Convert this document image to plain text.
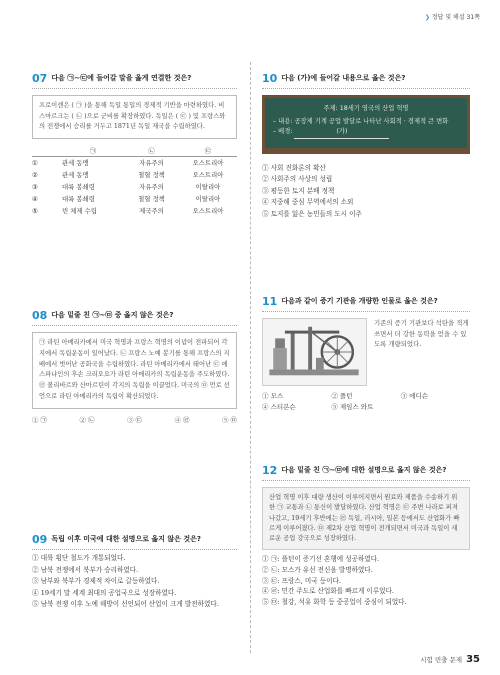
❯ 정답 및 해설 31쪽
07 다음 ㉠~㉢에 들어갈 말을 옳게 연결한 것은?
프로이센은 ( ㉠ )을 통해 독일 통일의 경제적 기반을 마련하였다. 비스마르크는 ( ㉡ )으로 군비를 확장하였다. 독일은 ( ㉢ ) 및 프랑스와의 전쟁에서 승리를 거두고 1871년 독일 제국을 수립하였다.
	㉠	㉡	㉢
①	관세 동맹	자유주의	오스트리아
②	관세 동맹	철혈 정책	오스트리아
③	대륙 봉쇄령	자유주의	이탈리아
④	대륙 봉쇄령	철혈 정책	이탈리아
⑤	빈 체제 수립	제국주의	오스트리아
08 다음 밑줄 친 ㉠~㉤ 중 옳지 않은 것은?
㉠ 라틴 아메리카에서 미국 혁명과 프랑스 혁명의 이념이 전파되어 각지에서 독립운동이 일어났다. ㉡ 프랑스 노예 봉기를 통해 프랑스의 지배에서 벗어난 공화국을 수립하였다. 라틴 아메리카에서 태어난 ㉢ 에스파냐인의 후손 크리오요가 라틴 아메리카의 독립운동을 주도하였다. ㉣ 볼리바르와 산마르틴이 각지의 독립을 이끌었다. 미국의 ㉤ 먼로 선언으로 라틴 아메리카의 독립이 확산되었다.
① ㉠	② ㉡	③ ㉢	④ ㉣	⑤ ㉤
09 독립 이후 미국에 대한 설명으로 옳지 않은 것은?
① 대륙 횡단 철도가 개통되었다.
② 남북 전쟁에서 북부가 승리하였다.
③ 남부와 북부가 경제적 차이로 갈등하였다.
④ 19세기 말 세계 최대의 공업국으로 성장하였다.
⑤ 남북 전쟁 이후 노예 해방이 선언되어 산업이 크게 발전하였다.
10 다음 (가)에 들어갈 내용으로 옳은 것은?
주제: 18세기 영국의 산업 혁명
– 내용: 공장제 기계 공업 발달로 나타난 사회적 · 경제적 큰 변화
– 배경:	(가)
① 사회 진화론의 확산
② 사회주의 사상의 성립
③ 평등한 토지 분배 정책
④ 지중해 중심 무역에서의 소외
⑤ 토지를 잃은 농민들의 도시 이주
11 다음과 같이 증기 기관을 개량한 인물로 옳은 것은?
기존의 증기 기관보다 석탄을 적게 쓰면서 더 강한 동력을 얻을 수 있도록 개량되었다.
① 모스	② 플턴	③ 에디슨
④ 스티븐슨	⑤ 제임스 와트
12 다음 밑줄 친 ㉠~㉤에 대한 설명으로 옳지 않은 것은?
산업 혁명 이후 대량 생산이 이루어지면서 원료와 제품을 수송하기 위한 ㉠ 교통과 ㉡ 통신이 발달하였다. 산업 혁명은 ㉢ 주변 나라로 퍼져 나갔고, 19세기 후반에는 ㉣ 독일, 러시아, 일본 등에서도 산업화가 빠르게 이루어졌다. ㉤ 제2차 산업 혁명이 전개되면서 미국과 독일이 새로운 공업 강국으로 성장하였다.
① ㉠: 플턴이 증기선 혼행에 성공하였다.
② ㉡: 모스가 유선 전신을 발명하였다.
③ ㉢: 프랑스, 미국 등이다.
④ ㉣: 민간 주도로 산업화를 빠르게 이루었다.
⑤ ㉤: 철강, 석유 화학 등 중공업이 중심이 되었다.
시험 빈출 문제 35
